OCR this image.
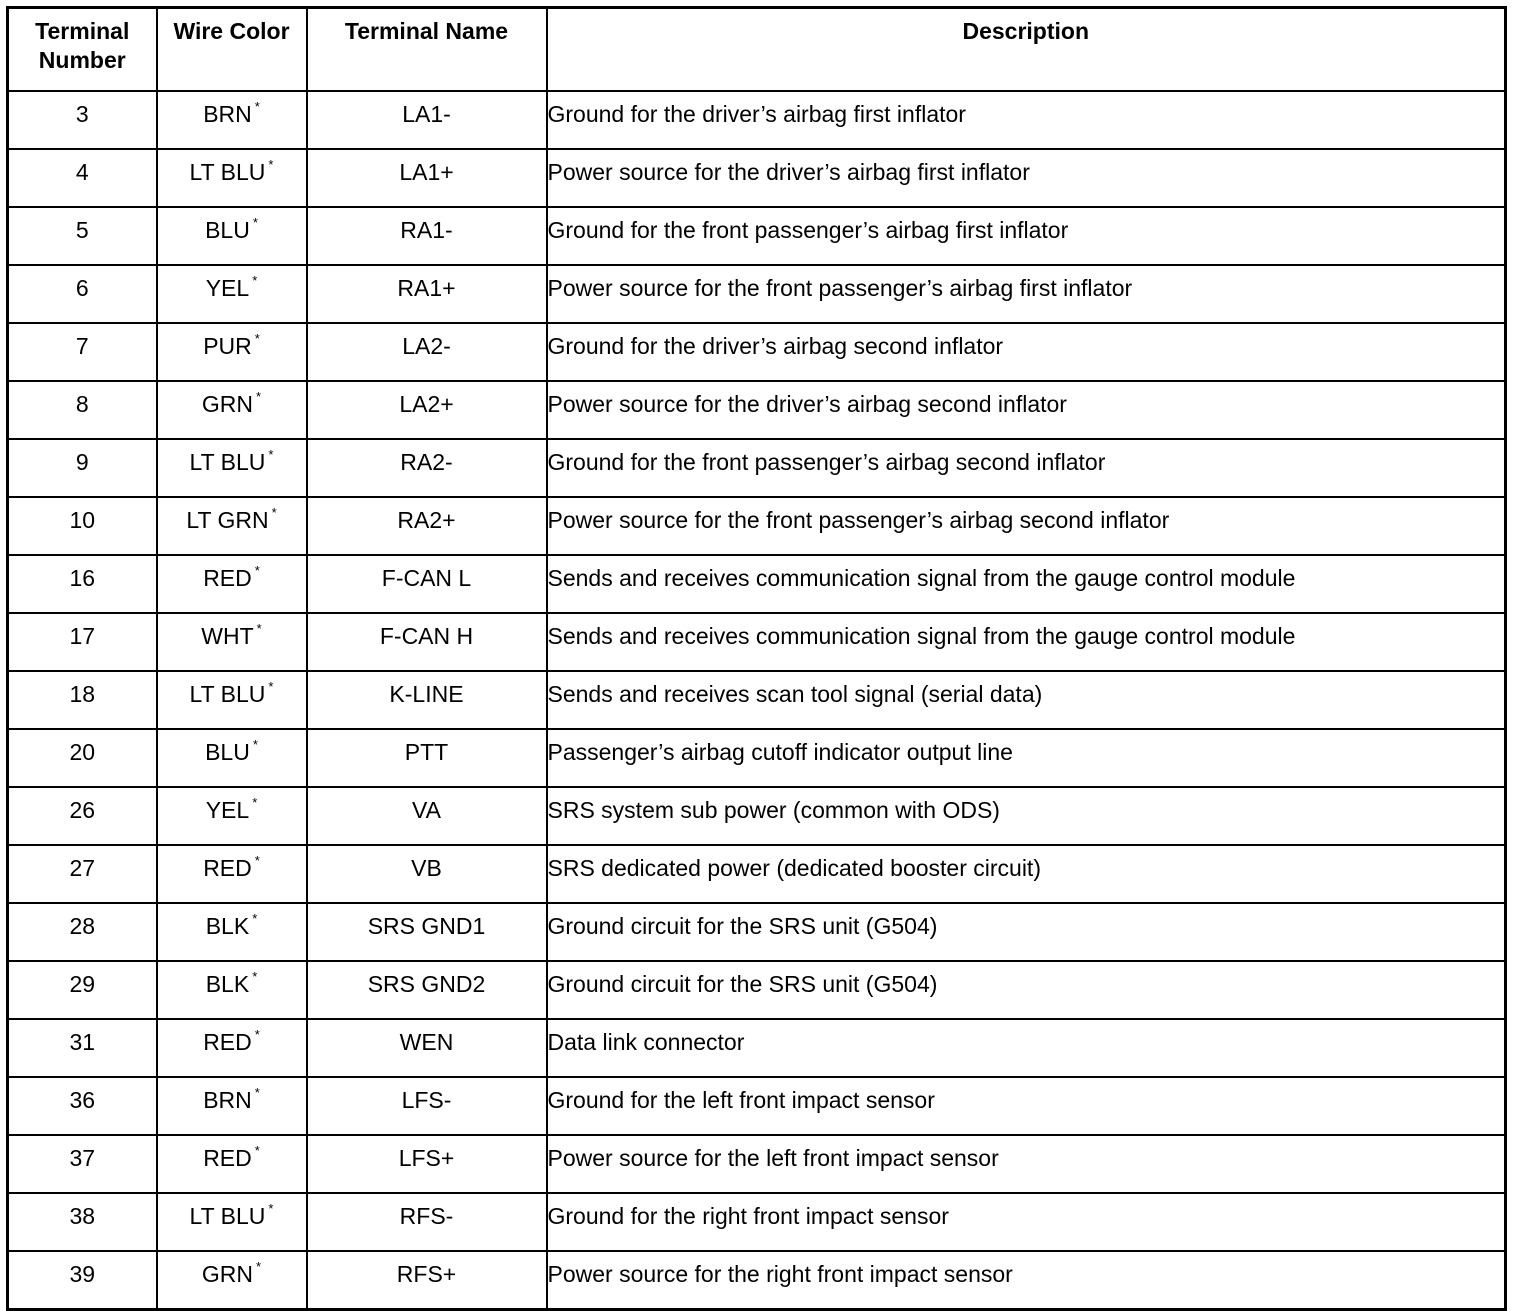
Terminal Number	Wire Color	Terminal Name	Description
3	BRN *	LA1-	Ground for the driver’s airbag first inflator
4	LT BLU *	LA1+	Power source for the driver’s airbag first inflator
5	BLU *	RA1-	Ground for the front passenger’s airbag first inflator
6	YEL *	RA1+	Power source for the front passenger’s airbag first inflator
7	PUR *	LA2-	Ground for the driver’s airbag second inflator
8	GRN *	LA2+	Power source for the driver’s airbag second inflator
9	LT BLU *	RA2-	Ground for the front passenger’s airbag second inflator
10	LT GRN *	RA2+	Power source for the front passenger’s airbag second inflator
16	RED *	F-CAN L	Sends and receives communication signal from the gauge control module
17	WHT *	F-CAN H	Sends and receives communication signal from the gauge control module
18	LT BLU *	K-LINE	Sends and receives scan tool signal (serial data)
20	BLU *	PTT	Passenger’s airbag cutoff indicator output line
26	YEL *	VA	SRS system sub power (common with ODS)
27	RED *	VB	SRS dedicated power (dedicated booster circuit)
28	BLK *	SRS GND1	Ground circuit for the SRS unit (G504)
29	BLK *	SRS GND2	Ground circuit for the SRS unit (G504)
31	RED *	WEN	Data link connector
36	BRN *	LFS-	Ground for the left front impact sensor
37	RED *	LFS+	Power source for the left front impact sensor
38	LT BLU *	RFS-	Ground for the right front impact sensor
39	GRN *	RFS+	Power source for the right front impact sensor
